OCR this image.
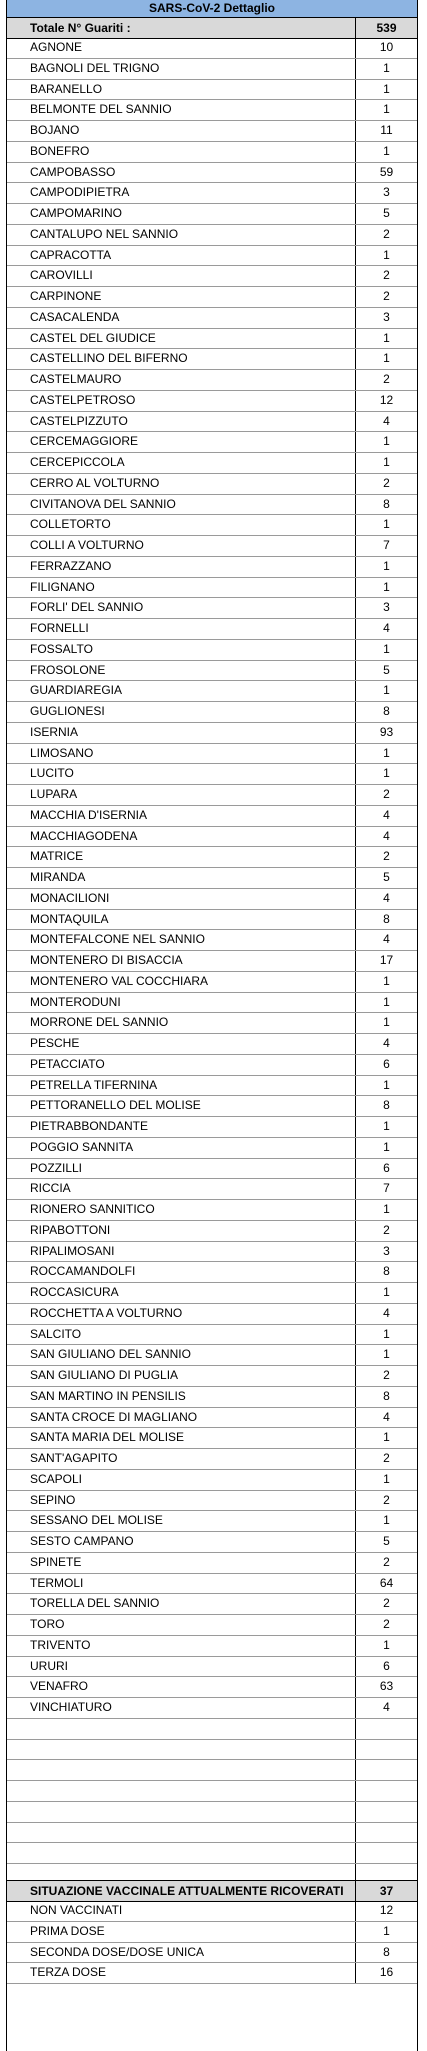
SARS-CoV-2 Dettaglio
Totale N° Guariti :	539
AGNONE	10
BAGNOLI DEL TRIGNO	1
BARANELLO	1
BELMONTE DEL SANNIO	1
BOJANO	11
BONEFRO	1
CAMPOBASSO	59
CAMPODIPIETRA	3
CAMPOMARINO	5
CANTALUPO NEL SANNIO	2
CAPRACOTTA	1
CAROVILLI	2
CARPINONE	2
CASACALENDA	3
CASTEL DEL GIUDICE	1
CASTELLINO DEL BIFERNO	1
CASTELMAURO	2
CASTELPETROSO	12
CASTELPIZZUTO	4
CERCEMAGGIORE	1
CERCEPICCOLA	1
CERRO AL VOLTURNO	2
CIVITANOVA DEL SANNIO	8
COLLETORTO	1
COLLI A VOLTURNO	7
FERRAZZANO	1
FILIGNANO	1
FORLI' DEL SANNIO	3
FORNELLI	4
FOSSALTO	1
FROSOLONE	5
GUARDIAREGIA	1
GUGLIONESI	8
ISERNIA	93
LIMOSANO	1
LUCITO	1
LUPARA	2
MACCHIA D'ISERNIA	4
MACCHIAGODENA	4
MATRICE	2
MIRANDA	5
MONACILIONI	4
MONTAQUILA	8
MONTEFALCONE NEL SANNIO	4
MONTENERO DI BISACCIA	17
MONTENERO VAL COCCHIARA	1
MONTERODUNI	1
MORRONE DEL SANNIO	1
PESCHE	4
PETACCIATO	6
PETRELLA TIFERNINA	1
PETTORANELLO DEL MOLISE	8
PIETRABBONDANTE	1
POGGIO SANNITA	1
POZZILLI	6
RICCIA	7
RIONERO SANNITICO	1
RIPABOTTONI	2
RIPALIMOSANI	3
ROCCAMANDOLFI	8
ROCCASICURA	1
ROCCHETTA A VOLTURNO	4
SALCITO	1
SAN GIULIANO DEL SANNIO	1
SAN GIULIANO DI PUGLIA	2
SAN MARTINO IN PENSILIS	8
SANTA CROCE DI MAGLIANO	4
SANTA MARIA DEL MOLISE	1
SANT'AGAPITO	2
SCAPOLI	1
SEPINO	2
SESSANO DEL MOLISE	1
SESTO CAMPANO	5
SPINETE	2
TERMOLI	64
TORELLA DEL SANNIO	2
TORO	2
TRIVENTO	1
URURI	6
VENAFRO	63
VINCHIATURO	4
SITUAZIONE VACCINALE ATTUALMENTE RICOVERATI	37
NON VACCINATI	12
PRIMA DOSE	1
SECONDA DOSE/DOSE UNICA	8
TERZA DOSE	16
